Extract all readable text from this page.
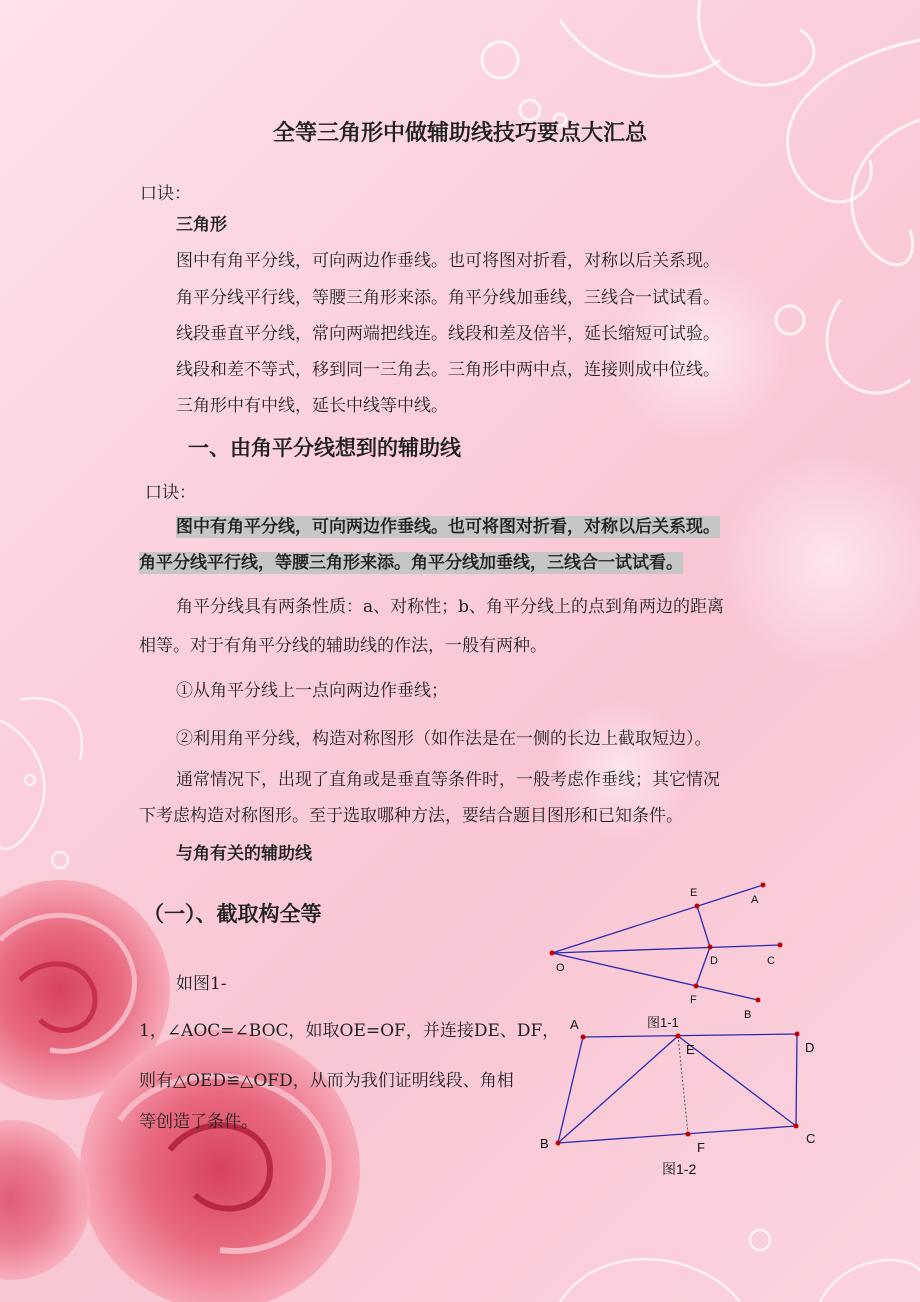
全等三角形中做辅助线技巧要点大汇总
口诀：
三角形
图中有角平分线，可向两边作垂线。也可将图对折看，对称以后关系现。
角平分线平行线，等腰三角形来添。角平分线加垂线，三线合一试试看。
线段垂直平分线，常向两端把线连。线段和差及倍半，延长缩短可试验。
线段和差不等式，移到同一三角去。三角形中两中点，连接则成中位线。
三角形中有中线，延长中线等中线。
一、由角平分线想到的辅助线
口诀：
图中有角平分线，可向两边作垂线。也可将图对折看，对称以后关系现。
角平分线平行线，等腰三角形来添。角平分线加垂线，三线合一试试看。
角平分线具有两条性质：a、对称性；b、角平分线上的点到角两边的距离
相等。对于有角平分线的辅助线的作法，一般有两种。
①从角平分线上一点向两边作垂线；
②利用角平分线，构造对称图形（如作法是在一侧的长边上截取短边）。
通常情况下，出现了直角或是垂直等条件时，一般考虑作垂线；其它情况
下考虑构造对称图形。至于选取哪种方法，要结合题目图形和已知条件。
与角有关的辅助线
（一）、截取构全等
如图1-
1，∠AOC=∠BOC，如取OE=OF，并连接DE、DF，
则有△OED≌△OFD，从而为我们证明线段、角相
等创造了条件。
O
E
A
D	C
F
B
图1-1
A
E	D
B	F
C
图1-2
